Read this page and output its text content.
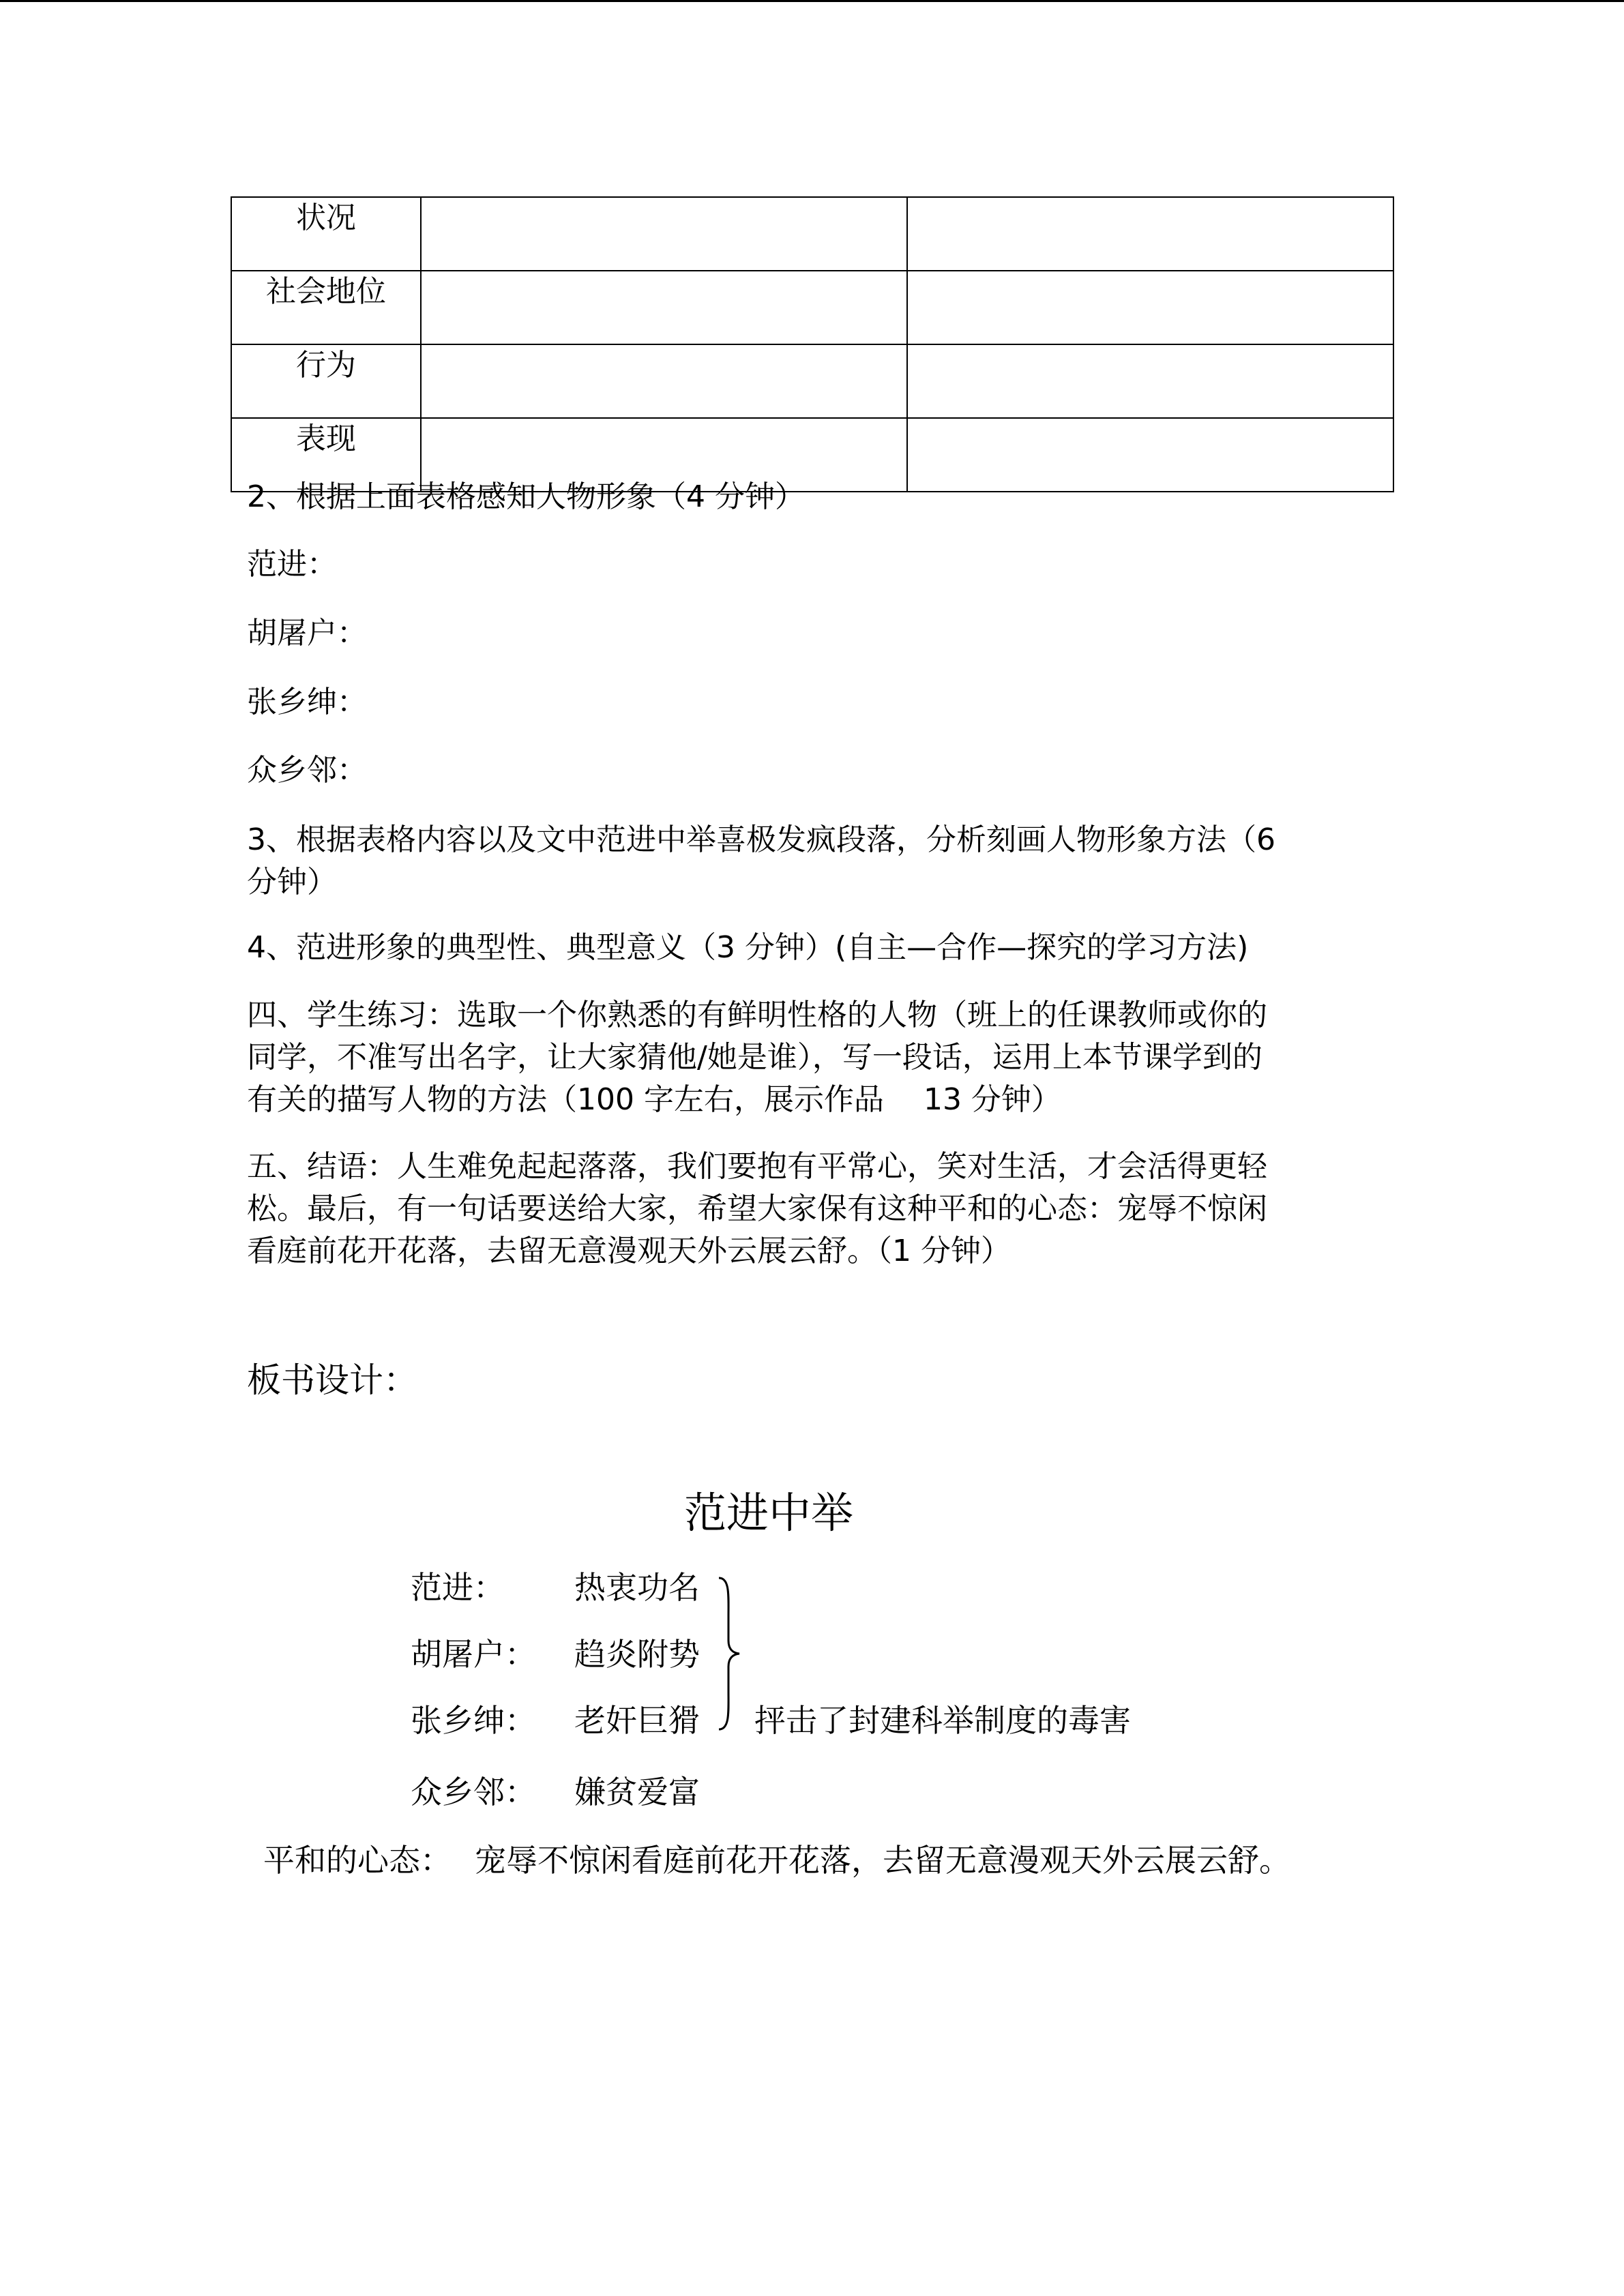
状况		
社会地位		
行为		
表现		
2、根据上面表格感知人物形象（4 分钟）
范进：
胡屠户：
张乡绅：
众乡邻：
3、根据表格内容以及文中范进中举喜极发疯段落，分析刻画人物形象方法（6
分钟）
4、范进形象的典型性、典型意义（3 分钟）(自主—合作—探究的学习方法)
四、学生练习：选取一个你熟悉的有鲜明性格的人物（班上的任课教师或你的
同学，不准写出名字，让大家猜他/她是谁），写一段话，运用上本节课学到的
有关的描写人物的方法（100 字左右，展示作品　 13 分钟）
五、结语：人生难免起起落落，我们要抱有平常心，笑对生活，才会活得更轻
松。最后，有一句话要送给大家，希望大家保有这种平和的心态：宠辱不惊闲
看庭前花开花落，去留无意漫观天外云展云舒。（1 分钟）
板书设计：
范进中举
范进： 热衷功名
胡屠户： 趋炎附势
张乡绅： 老奸巨猾
众乡邻： 嫌贫爱富
抨击了封建科举制度的毒害
平和的心态： 宠辱不惊闲看庭前花开花落，去留无意漫观天外云展云舒。
